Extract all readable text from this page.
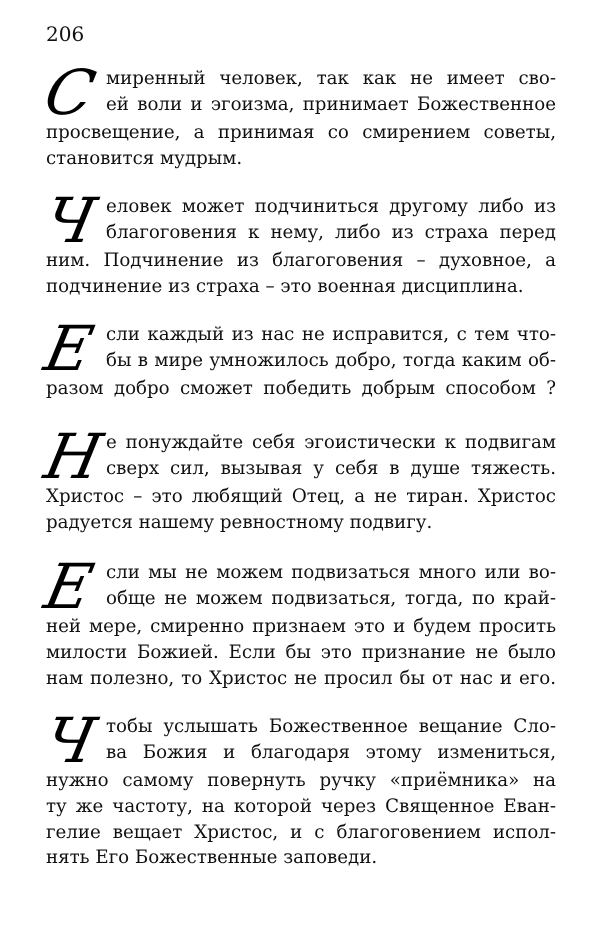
206
С миренный человек, так как не имеет сво-
ей воли и эгоизма, принимает Божественное
просвещение, а принимая со смирением советы,
становится мудрым.
Ч еловек может подчиниться другому либо из
благоговения к нему, либо из страха перед
ним. Подчинение из благоговения – духовное, а
подчинение из страха – это военная дисциплина.
Е сли каждый из нас не исправится, с тем что-
бы в мире умножилось добро, тогда каким об-
разом добро сможет победить добрым способом ?
Н
е понуждайте себя эгоистически к подвигам
сверх сил, вызывая у себя в душе тяжесть.
Христос – это любящий Отец, а не тиран. Христос
радуется нашему ревностному подвигу.
Е сли мы не можем подвизаться много или во-
обще не можем подвизаться, тогда, по край-
ней мере, смиренно признаем это и будем просить
милости Божией. Если бы это признание не было
нам полезно, то Христос не просил бы от нас и его.
Ч тобы услышать Божественное вещание Сло-
ва Божия и благодаря этому измениться,
нужно самому повернуть ручку «приёмника» на
ту же частоту, на которой через Священное Еван-
гелие вещает Христос, и с благоговением испол-
нять Его Божественные заповеди.
